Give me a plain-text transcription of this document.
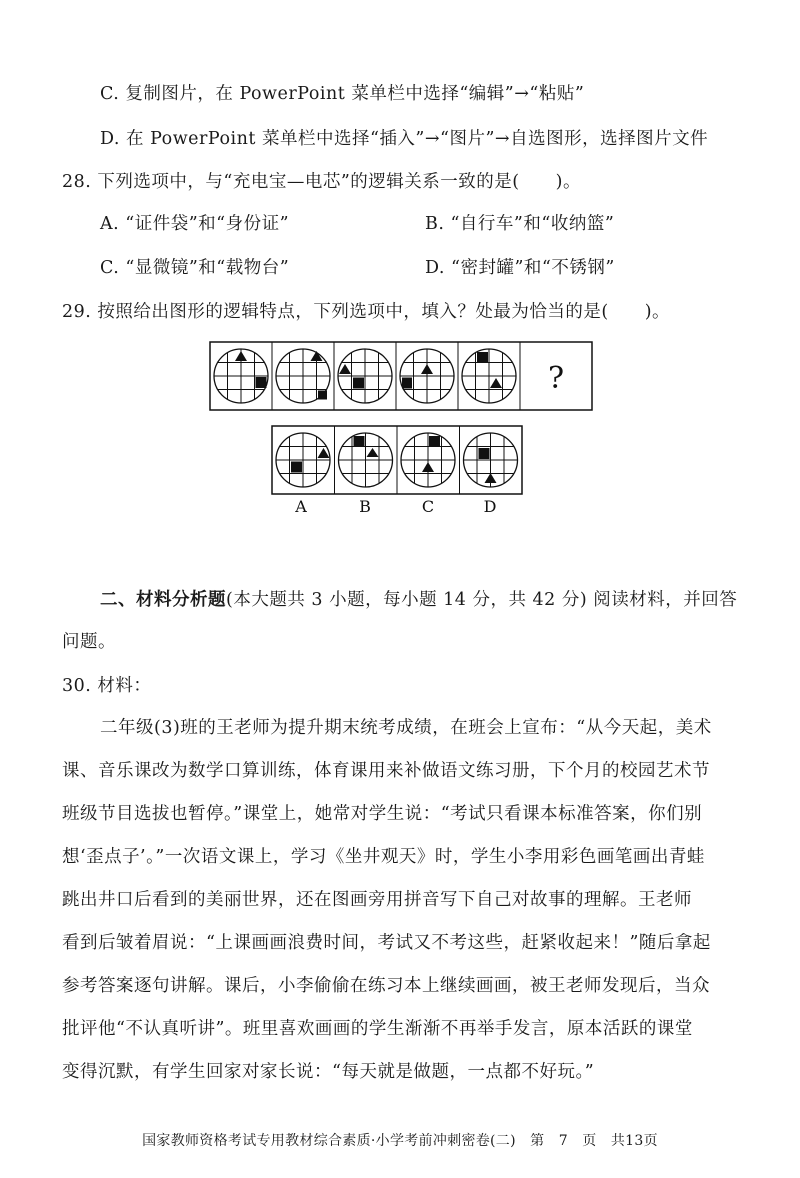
C. 复制图片，在 PowerPoint 菜单栏中选择“编辑”→“粘贴”
D. 在 PowerPoint 菜单栏中选择“插入”→“图片”→自选图形，选择图片文件
28. 下列选项中，与“充电宝—电芯”的逻辑关系一致的是(　　)。
A. “证件袋”和“身份证”	B. “自行车”和“收纳篮”
C. “显微镜”和“载物台”	D. “密封罐”和“不锈钢”
29. 按照给出图形的逻辑特点，下列选项中，填入？处最为恰当的是(　　)。
?
A	B	C	D
二、材料分析题(本大题共 3 小题，每小题 14 分，共 42 分) 阅读材料，并回答
问题。
30. 材料：
二年级(3)班的王老师为提升期末统考成绩，在班会上宣布：“从今天起，美术
课、音乐课改为数学口算训练，体育课用来补做语文练习册，下个月的校园艺术节
班级节目选拔也暂停。”课堂上，她常对学生说：“考试只看课本标准答案，你们别
想‘歪点子’。”一次语文课上，学习《坐井观天》时，学生小李用彩色画笔画出青蛙
跳出井口后看到的美丽世界，还在图画旁用拼音写下自己对故事的理解。王老师
看到后皱着眉说：“上课画画浪费时间，考试又不考这些，赶紧收起来！”随后拿起
参考答案逐句讲解。课后，小李偷偷在练习本上继续画画，被王老师发现后，当众
批评他“不认真听讲”。班里喜欢画画的学生渐渐不再举手发言，原本活跃的课堂
变得沉默，有学生回家对家长说：“每天就是做题，一点都不好玩。”
国家教师资格考试专用教材综合素质·小学考前冲刺密卷(二)　第　7　页　共13页
